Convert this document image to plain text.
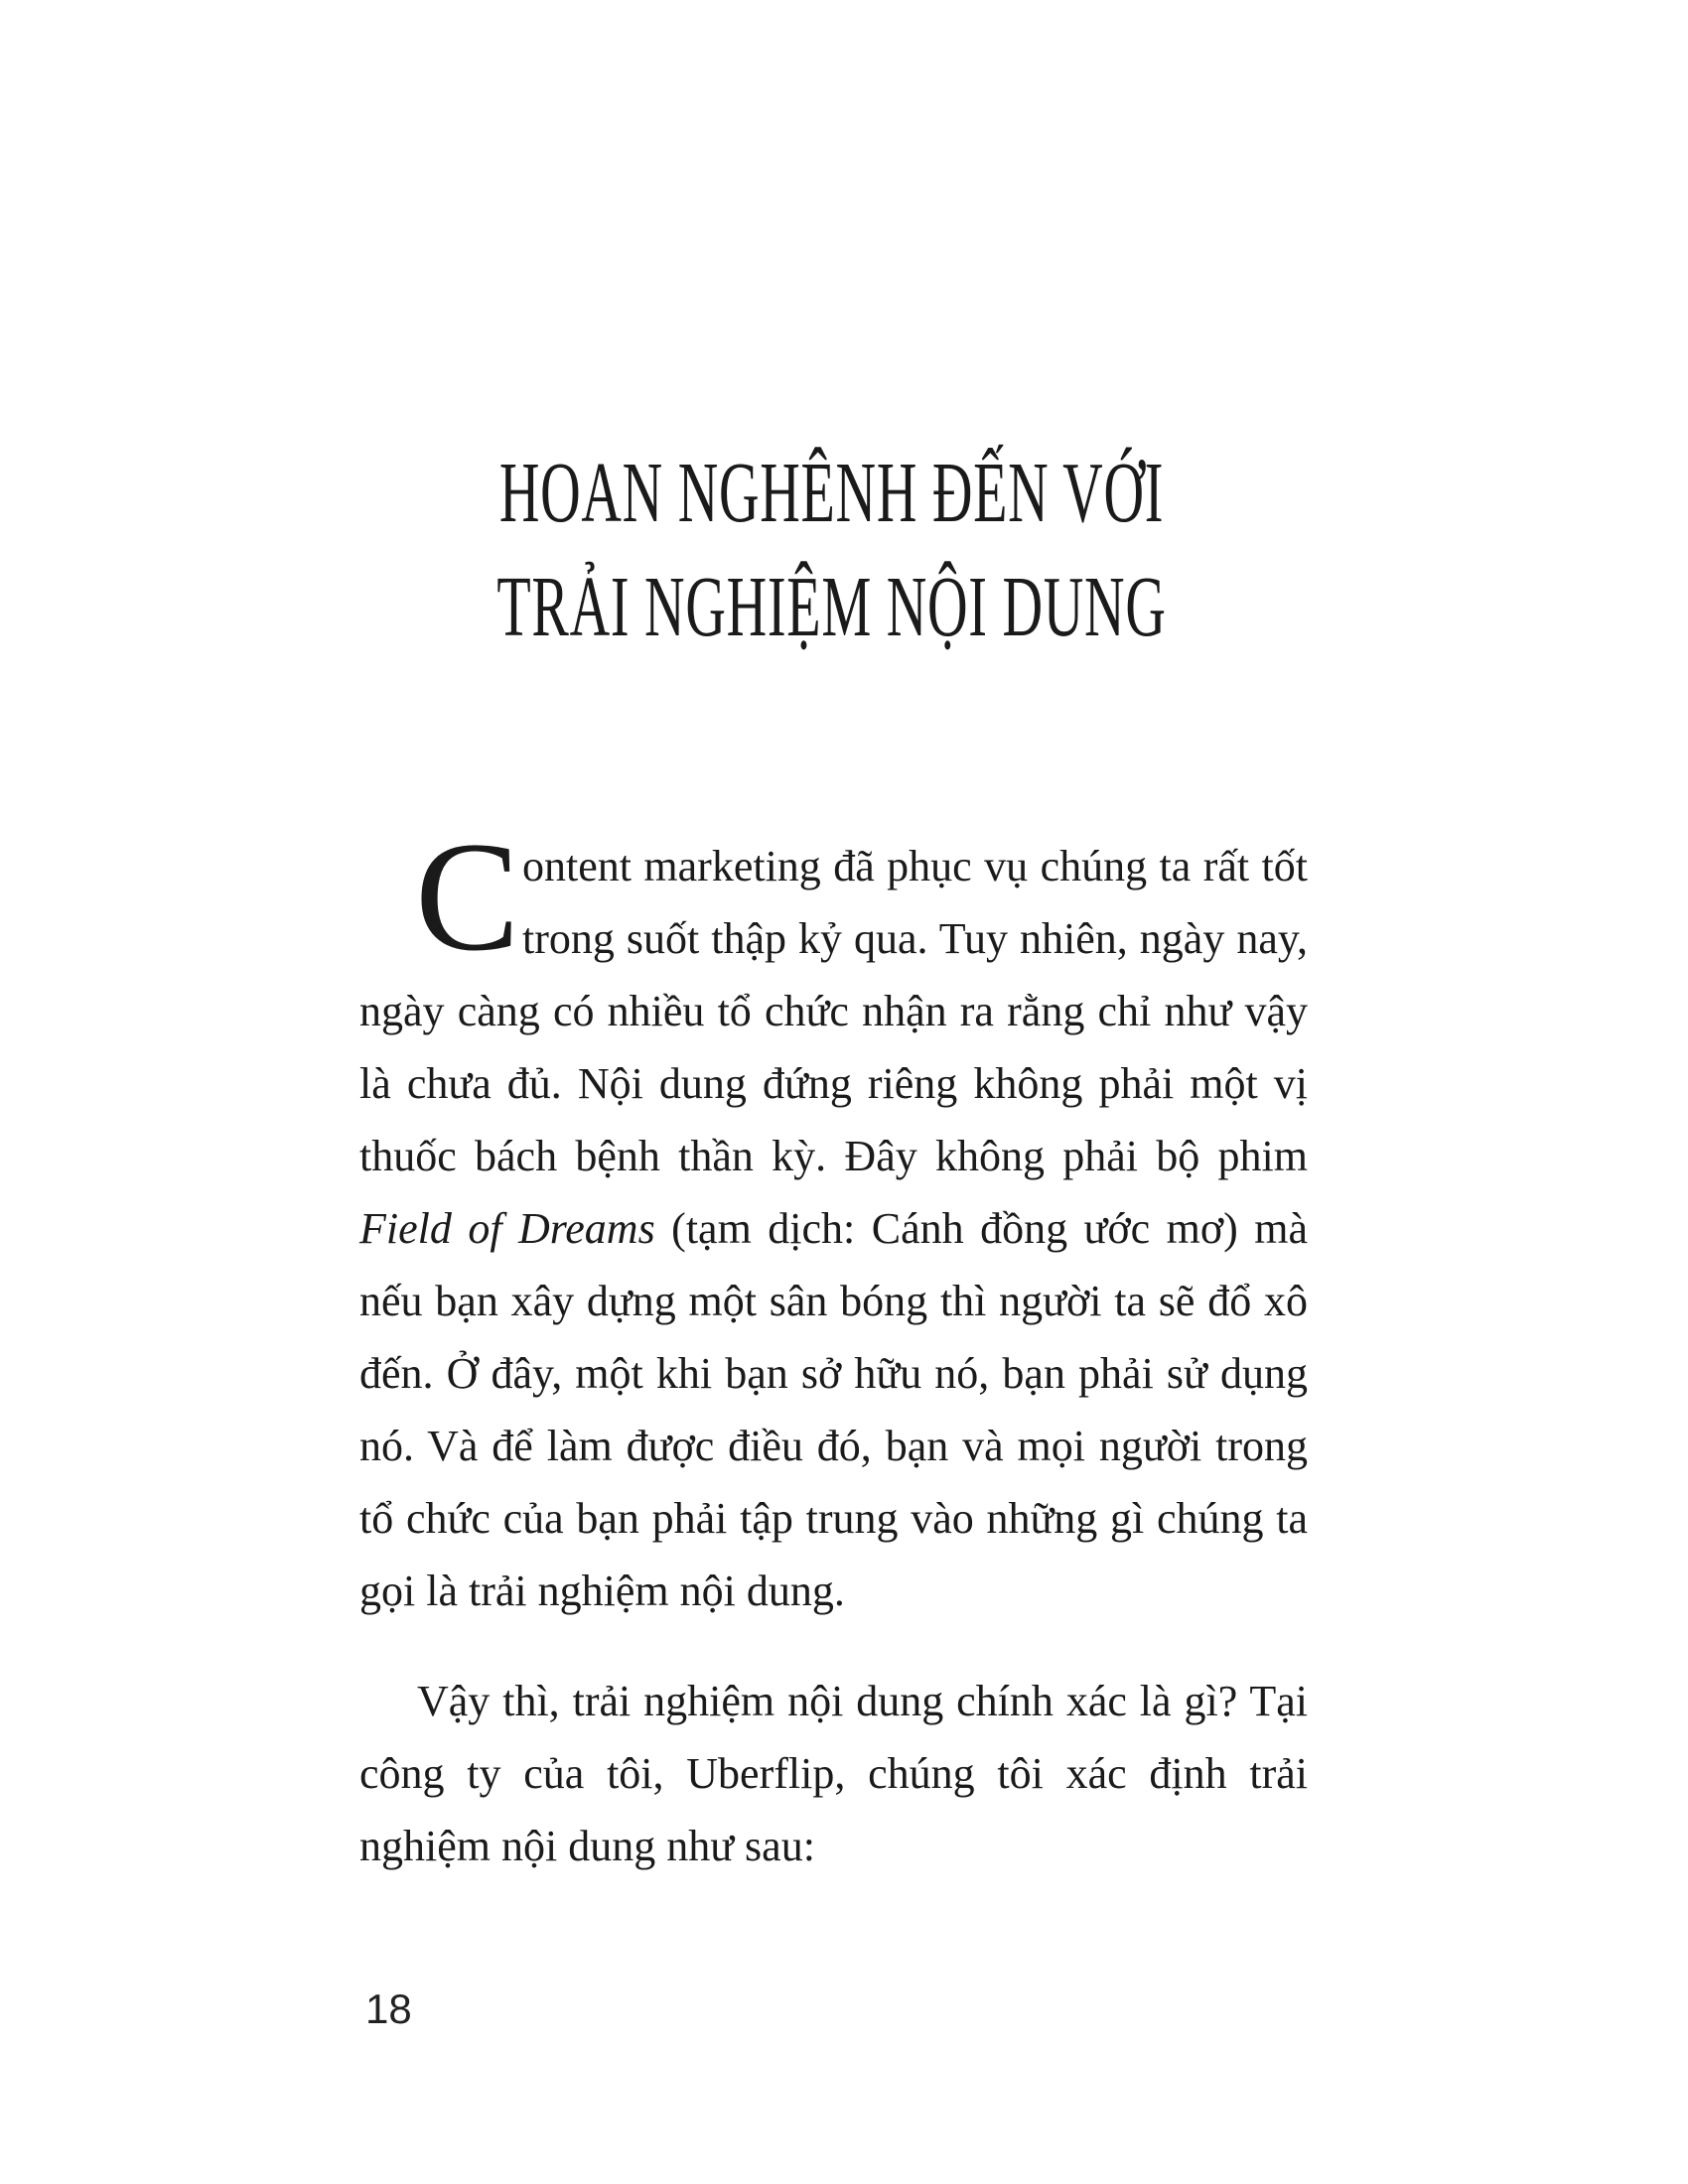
HOAN NGHÊNH ĐẾN VỚI
TRẢI NGHIỆM NỘI DUNG

C ontent marketing đã phục vụ chúng ta rất tốt trong suốt thập kỷ qua. Tuy nhiên, ngày nay, ngày càng có nhiều tổ chức nhận ra rằng chỉ như vậy là chưa đủ. Nội dung đứng riêng không phải một vị thuốc bách bệnh thần kỳ. Đây không phải bộ phim Field of Dreams (tạm dịch: Cánh đồng ước mơ) mà nếu bạn xây dựng một sân bóng thì người ta sẽ đổ xô đến. Ở đây, một khi bạn sở hữu nó, bạn phải sử dụng nó. Và để làm được điều đó, bạn và mọi người trong tổ chức của bạn phải tập trung vào những gì chúng ta gọi là trải nghiệm nội dung.

Vậy thì, trải nghiệm nội dung chính xác là gì? Tại công ty của tôi, Uberflip, chúng tôi xác định trải nghiệm nội dung như sau:

18
